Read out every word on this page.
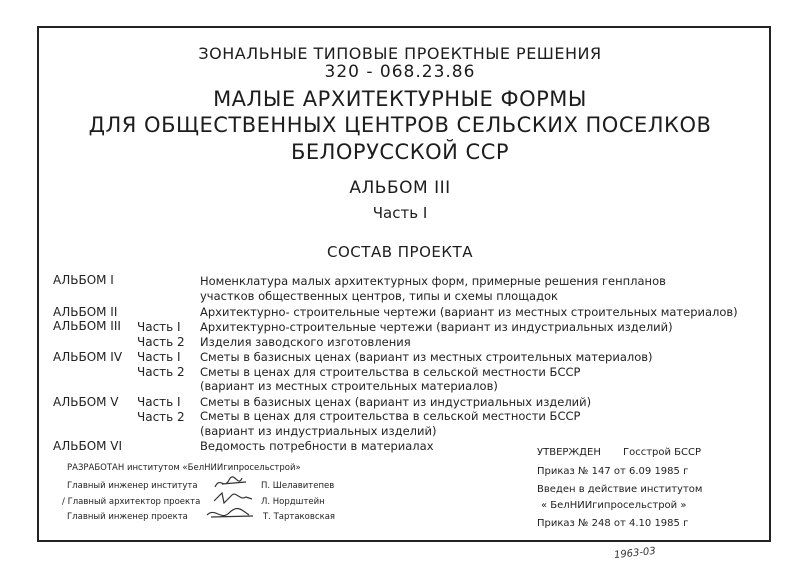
ЗОНАЛЬНЫЕ ТИПОВЫЕ ПРОЕКТНЫЕ РЕШЕНИЯ
320 - 068.23.86
МАЛЫЕ АРХИТЕКТУРНЫЕ ФОРМЫ
ДЛЯ ОБЩЕСТВЕННЫХ ЦЕНТРОВ СЕЛЬСКИХ ПОСЕЛКОВ
БЕЛОРУССКОЙ ССР
АЛЬБОМ III
Часть I
СОСТАВ ПРОЕКТА
АЛЬБОМ I	Номенклатура малых архитектурных форм, примерные решения генпланов
участков общественных центров, типы и схемы площадок
АЛЬБОМ II	Архитектурно- строительные чертежи (вариант из местных строительных материалов)
АЛЬБОМ III Часть I Архитектурно-строительные чертежи (вариант из индустриальных изделий)
Часть 2 Изделия заводского изготовления
АЛЬБОМ IV Часть I Сметы в базисных ценах (вариант из местных строительных материалов)
Часть 2 Сметы в ценах для строительства в сельской местности БССР
(вариант из местных строительных материалов)
АЛЬБОМ V Часть I Сметы в базисных ценах (вариант из индустриальных изделий)
Часть 2 Сметы в ценах для строительства в сельской местности БССР
(вариант из индустриальных изделий)
АЛЬБОМ VI	Ведомость потребности в материалах
РАЗРАБОТАН институтом «БелНИИгипросельстрой»
Главный инженер института	П. Шелавитепев
/ Главный архитектор проекта	Л. Нордштейн
Главный инженер проекта	Т. Тартаковская
УТВЕРЖДЕН Госстрой БССР
Приказ № 147 от 6.09 1985 г
Введен в действие институтом
« БелНИИгипросельстрой »
Приказ № 248 от 4.10 1985 г
1963-03
